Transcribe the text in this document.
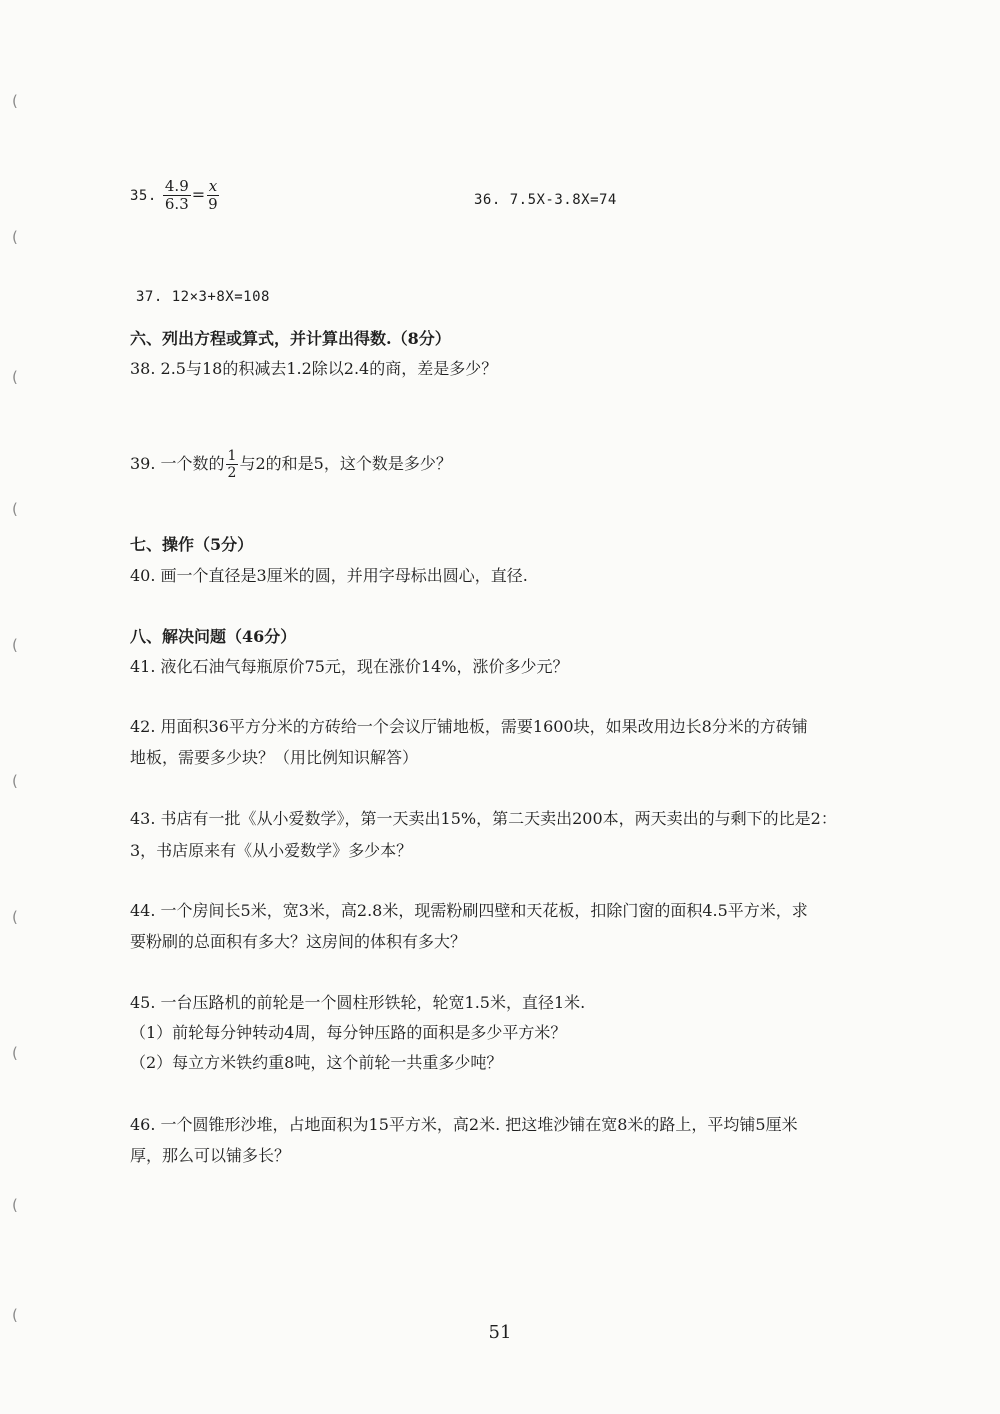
(
(
(
(
(
(
(
(
(
(
35. $\frac{4.9}{6.3} = \frac{x}{9}$	36. 7.5X-3.8X=74
37. 12×3+8X=108
六、列出方程或算式，并计算出得数.（8分）
38. 2.5与18的积减去1.2除以2.4的商，差是多少？
39. 一个数的 $\frac{1}{2}$ 与2的和是5，这个数是多少？
七、操作（5分）
40. 画一个直径是3厘米的圆，并用字母标出圆心，直径.
八、解决问题（46分）
41. 液化石油气每瓶原价75元，现在涨价14%，涨价多少元？
42. 用面积36平方分米的方砖给一个会议厅铺地板，需要1600块，如果改用边长8分米的方砖铺
地板，需要多少块？（用比例知识解答）
43. 书店有一批《从小爱数学》，第一天卖出15%，第二天卖出200本，两天卖出的与剩下的比是2：
3，书店原来有《从小爱数学》多少本？
44. 一个房间长5米，宽3米，高2.8米，现需粉刷四壁和天花板，扣除门窗的面积4.5平方米，求
要粉刷的总面积有多大？这房间的体积有多大？
45. 一台压路机的前轮是一个圆柱形铁轮，轮宽1.5米，直径1米.
（1）前轮每分钟转动4周，每分钟压路的面积是多少平方米？
（2）每立方米铁约重8吨，这个前轮一共重多少吨？
46. 一个圆锥形沙堆，占地面积为15平方米，高2米. 把这堆沙铺在宽8米的路上，平均铺5厘米
厚，那么可以铺多长？
51
